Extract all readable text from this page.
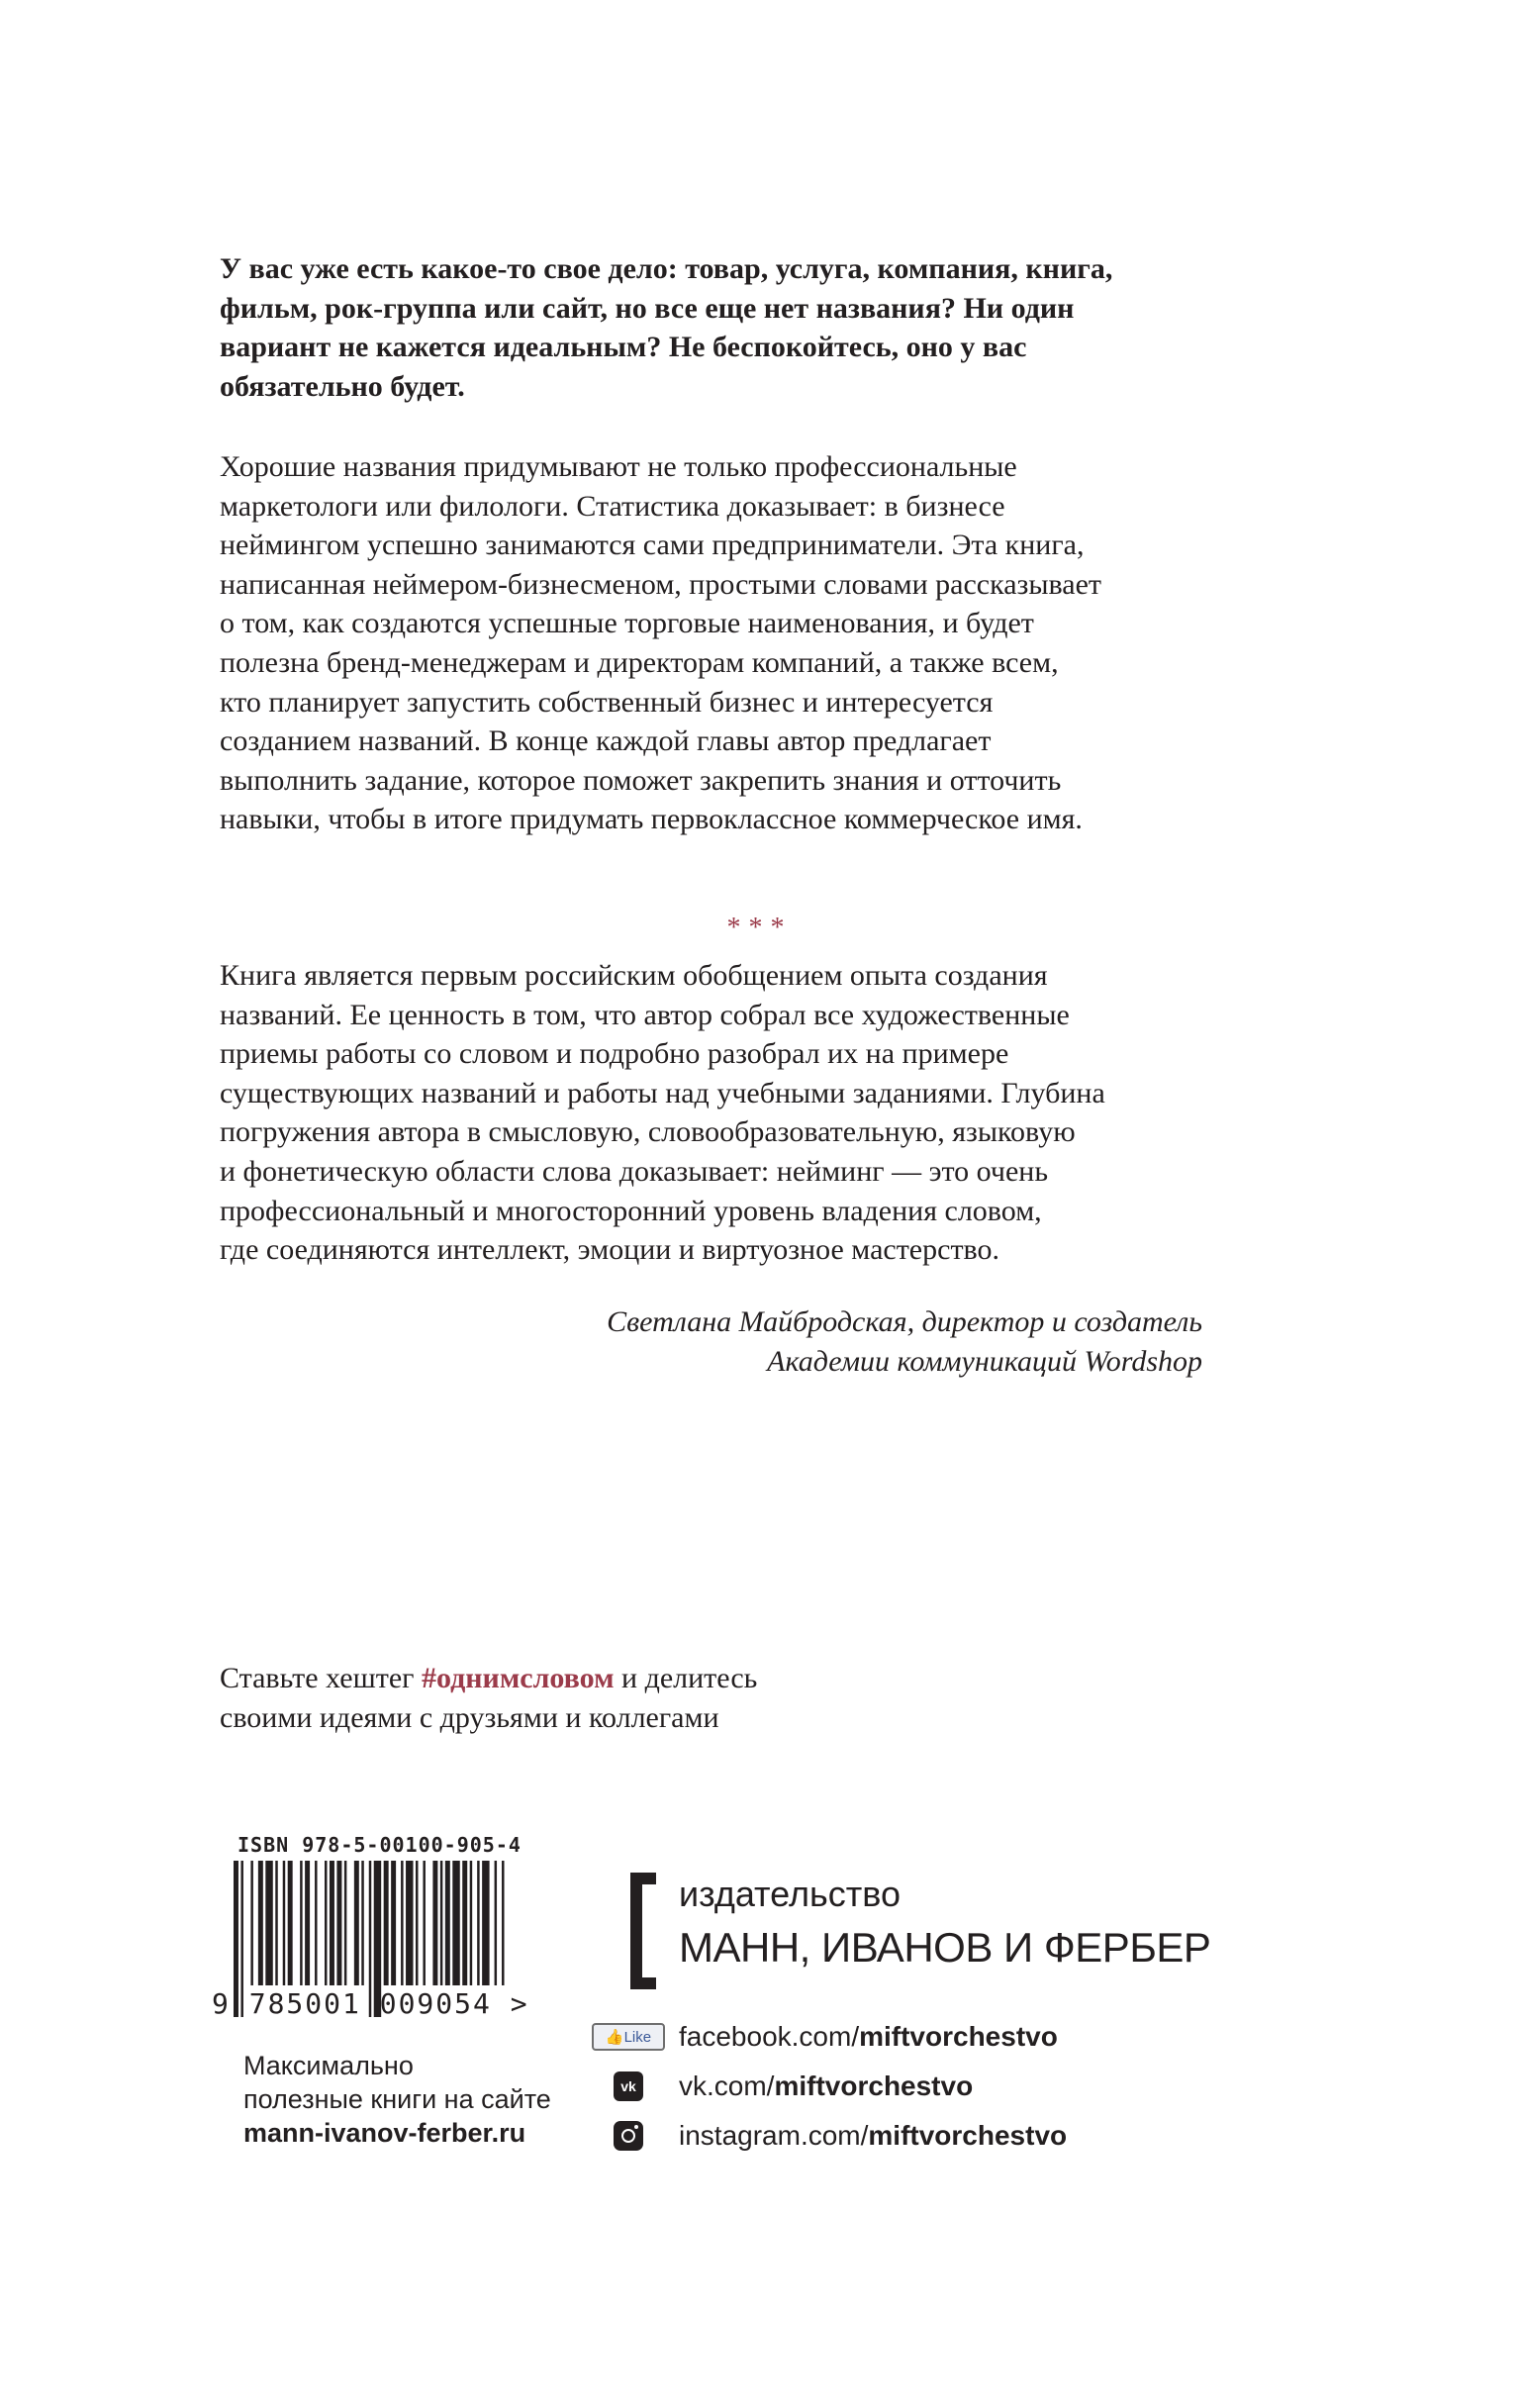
У вас уже есть какое-то свое дело: товар, услуга, компания, книга,

фильм, рок-группа или сайт, но все еще нет названия? Ни один

вариант не кажется идеальным? Не беспокойтесь, оно у вас

обязательно будет.

Хорошие названия придумывают не только профессиональные

маркетологи или филологи. Статистика доказывает: в бизнесе

неймингом успешно занимаются сами предприниматели. Эта книга,

написанная неймером-бизнесменом, простыми словами рассказывает

о том, как создаются успешные торговые наименования, и будет

полезна бренд-менеджерам и директорам компаний, а также всем,

кто планирует запустить собственный бизнес и интересуется

созданием названий. В конце каждой главы автор предлагает

выполнить задание, которое поможет закрепить знания и отточить

навыки, чтобы в итоге придумать первоклассное коммерческое имя.

***

Книга является первым российским обобщением опыта создания

названий. Ее ценность в том, что автор собрал все художественные

приемы работы со словом и подробно разобрал их на примере

существующих названий и работы над учебными заданиями. Глубина

погружения автора в смысловую, словообразовательную, языковую

и фонетическую области слова доказывает: нейминг — это очень

профессиональный и многосторонний уровень владения словом,

где соединяются интеллект, эмоции и виртуозное мастерство.

Светлана Майбродская, директор и создатель
Академии коммуникаций Wordshop
Ставьте хештег #однимсловом и делитесь
своими идеями с друзьями и коллегами
ISBN 978-5-00100-905-4
9 785001 009054 >
издательство
МАНН, ИВАНОВ И ФЕРБЕР
Максимально
полезные книги на сайте
mann-ivanov-ferber.ru
👍 Like facebook.com/ miftvorchestvo
vk vk.com/ miftvorchestvo
instagram.com/ miftvorchestvo
